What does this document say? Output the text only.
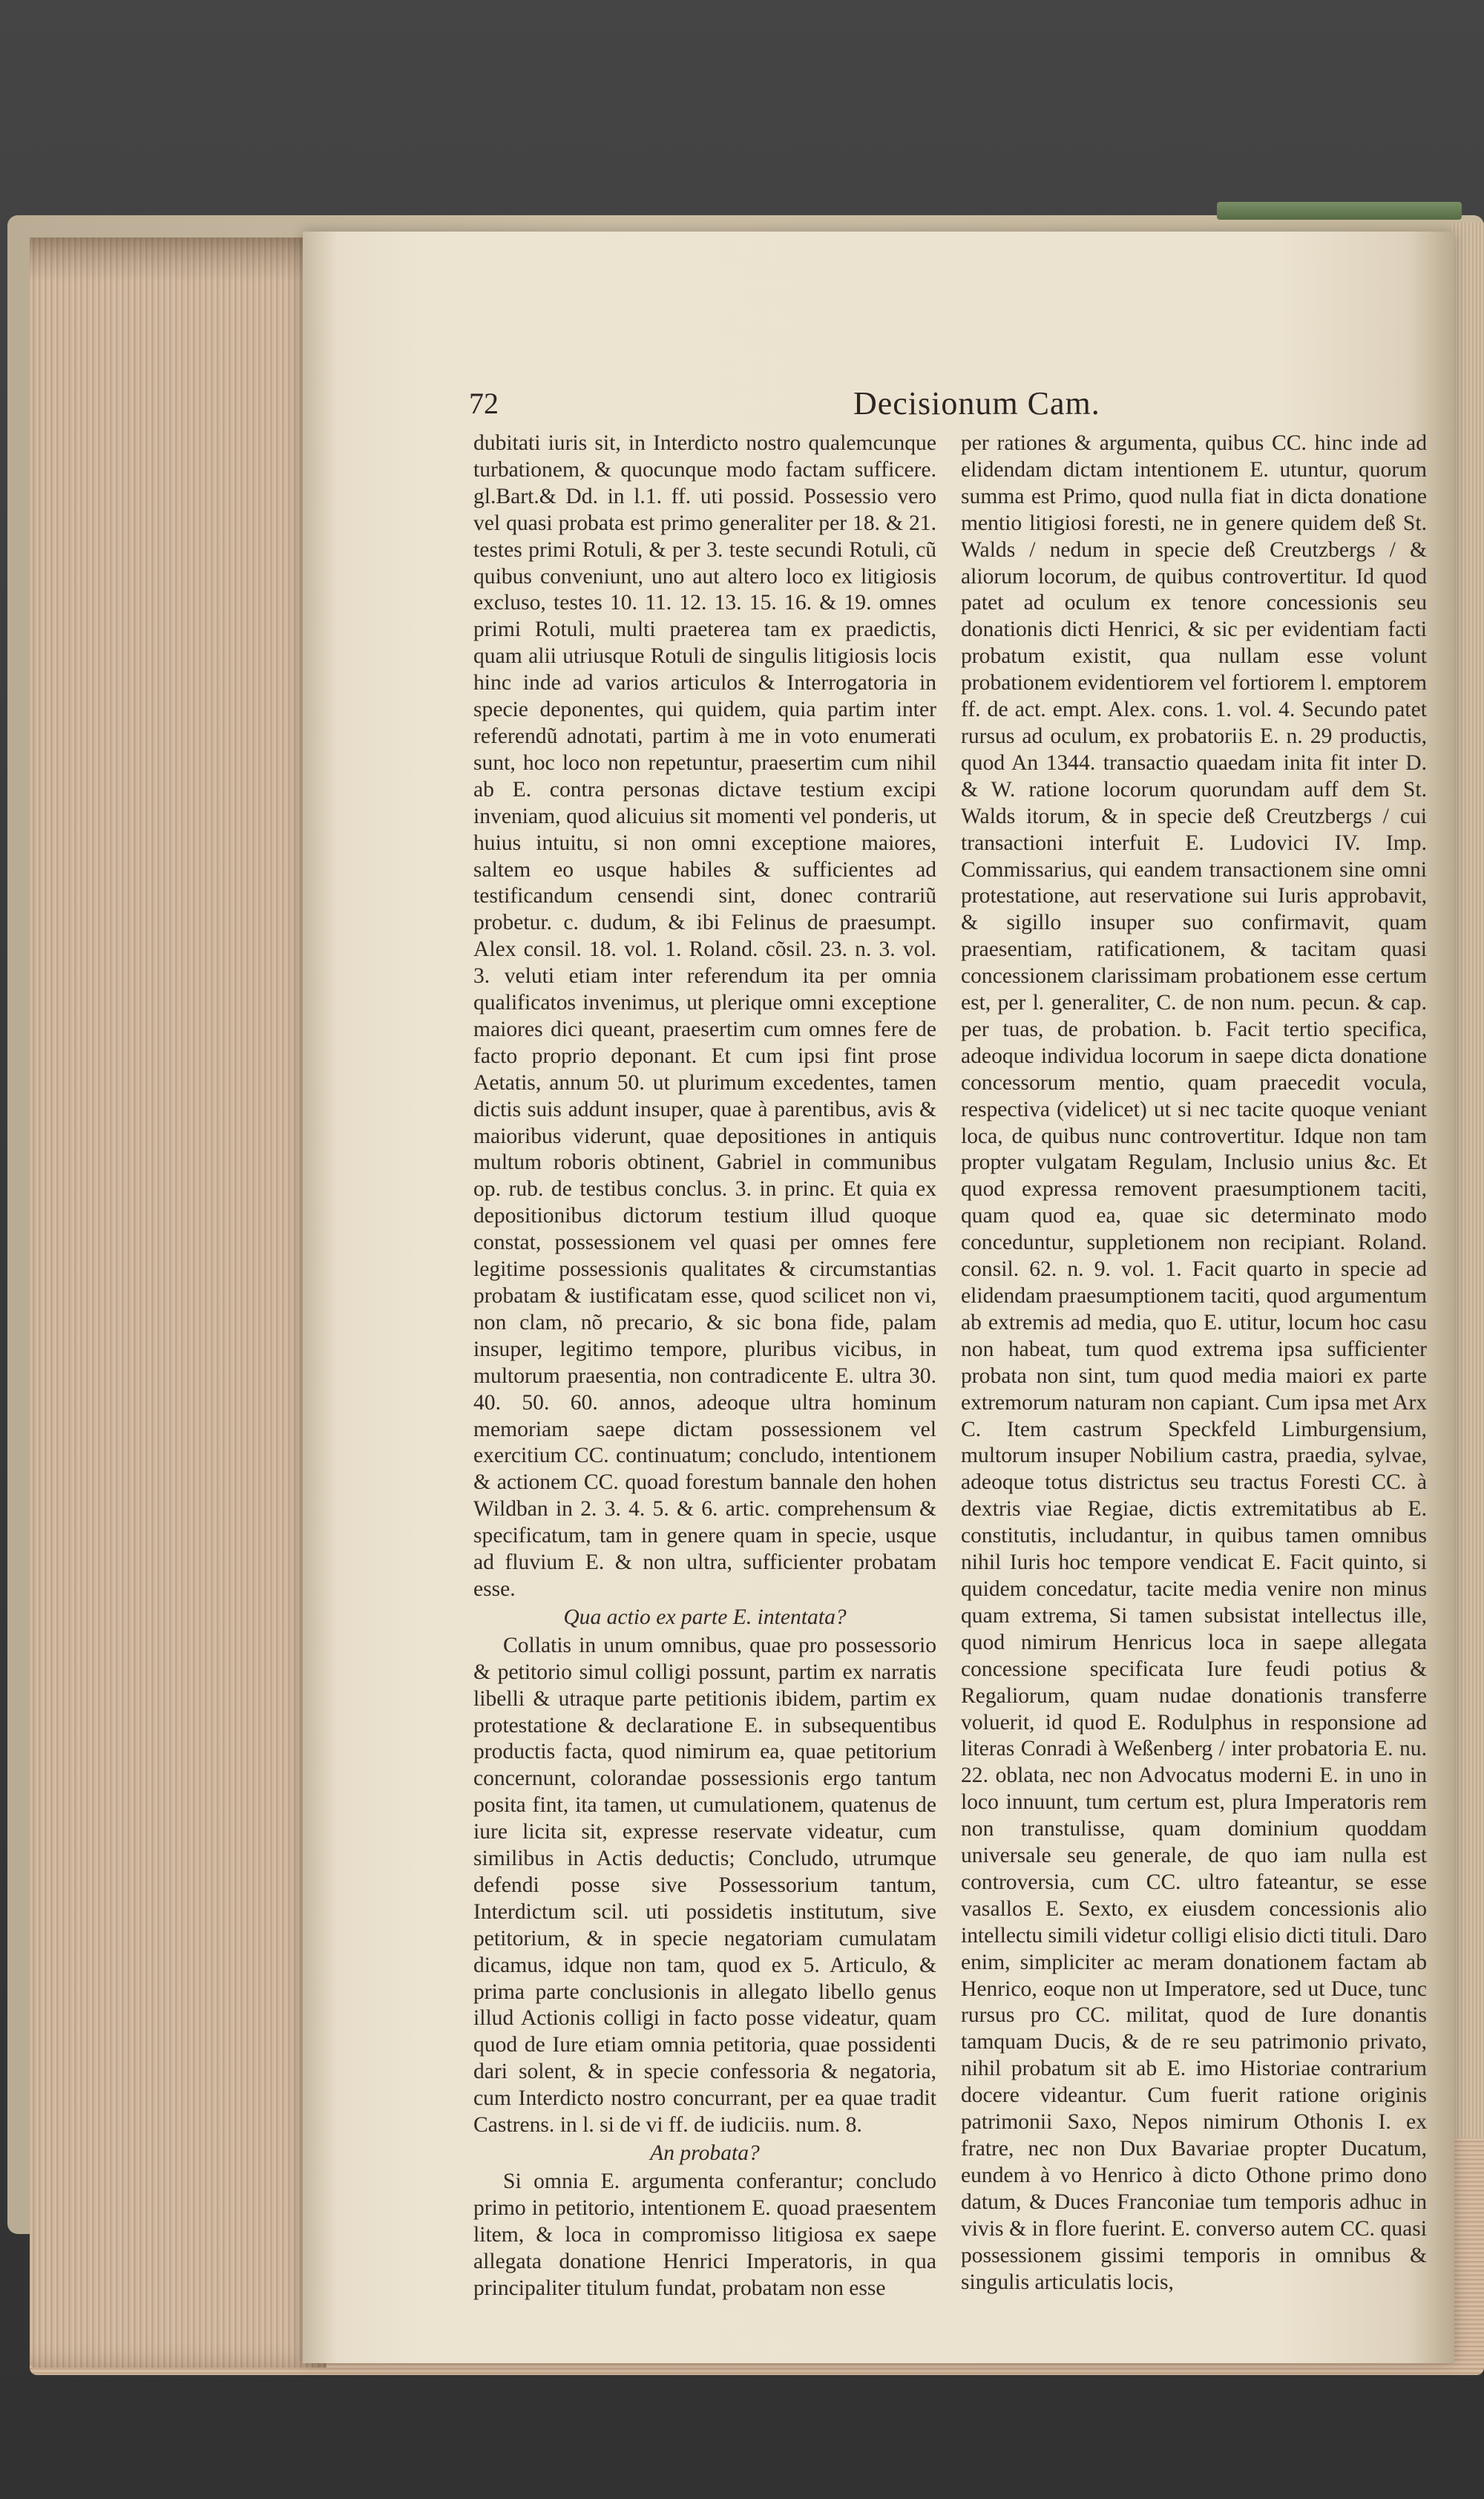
72	Decisionum Cam.

dubitati iuris sit, in Interdicto nostro qualemcunque turbationem, & quocunque modo factam sufficere. gl.Bart.& Dd. in l.1. ff. uti possid. Possessio vero vel quasi probata est primo generaliter per 18. & 21. testes primi Rotuli, & per 3. teste secundi Rotuli, cũ quibus conveniunt, uno aut altero loco ex litigiosis excluso, testes 10. 11. 12. 13. 15. 16. & 19. omnes primi Rotuli, multi praeterea tam ex praedictis, quam alii utriusque Rotuli de singulis litigiosis locis hinc inde ad varios articulos & Interrogatoria in specie deponentes, qui quidem, quia partim inter referendũ adnotati, partim à me in voto enumerati sunt, hoc loco non repetuntur, praesertim cum nihil ab E. contra personas dictave testium excipi inveniam, quod alicuius sit momenti vel ponderis, ut huius intuitu, si non omni exceptione maiores, saltem eo usque habiles & sufficientes ad testificandum censendi sint, donec contrariũ probetur. c. dudum, & ibi Felinus de praesumpt. Alex consil. 18. vol. 1. Roland. cõsil. 23. n. 3. vol. 3. veluti etiam inter referendum ita per omnia qualificatos invenimus, ut plerique omni exceptione maiores dici queant, praesertim cum omnes fere de facto proprio deponant. Et cum ipsi fint prose Aetatis, annum 50. ut plurimum excedentes, tamen dictis suis addunt insuper, quae à parentibus, avis & maioribus viderunt, quae depositiones in antiquis multum roboris obtinent, Gabriel in communibus op. rub. de testibus conclus. 3. in princ. Et quia ex depositionibus dictorum testium illud quoque constat, possessionem vel quasi per omnes fere legitime possessionis qualitates & circumstantias probatam & iustificatam esse, quod scilicet non vi, non clam, nõ precario, & sic bona fide, palam insuper, legitimo tempore, pluribus vicibus, in multorum praesentia, non contradicente E. ultra 30. 40. 50. 60. annos, adeoque ultra hominum memoriam saepe dictam possessionem vel exercitium CC. continuatum; concludo, intentionem & actionem CC. quoad forestum bannale den hohen Wildban in 2. 3. 4. 5. & 6. artic. comprehensum & specificatum, tam in genere quam in specie, usque ad fluvium E. & non ultra, sufficienter probatam esse.

Qua actio ex parte E. intentata?

Collatis in unum omnibus, quae pro possessorio & petitorio simul colligi possunt, partim ex narratis libelli & utraque parte petitionis ibidem, partim ex protestatione & declaratione E. in subsequentibus productis facta, quod nimirum ea, quae petitorium concernunt, colorandae possessionis ergo tantum posita fint, ita tamen, ut cumulationem, quatenus de iure licita sit, expresse reservate videatur, cum similibus in Actis deductis; Concludo, utrumque defendi posse sive Possessorium tantum, Interdictum scil. uti possidetis institutum, sive petitorium, & in specie negatoriam cumulatam dicamus, idque non tam, quod ex 5. Articulo, & prima parte conclusionis in allegato libello genus illud Actionis colligi in facto posse videatur, quam quod de Iure etiam omnia petitoria, quae possidenti dari solent, & in specie confessoria & negatoria, cum Interdicto nostro concurrant, per ea quae tradit Castrens. in l. si de vi ff. de iudiciis. num. 8.

An probata?

Si omnia E. argumenta conferantur; concludo primo in petitorio, intentionem E. quoad praesentem litem, & loca in compromisso litigiosa ex saepe allegata donatione Henrici Imperatoris, in qua principaliter titulum fundat, probatam non esse

per rationes & argumenta, quibus CC. hinc inde ad elidendam dictam intentionem E. utuntur, quorum summa est Primo, quod nulla fiat in dicta donatione mentio litigiosi foresti, ne in genere quidem deß St. Walds / nedum in specie deß Creutzbergs / & aliorum locorum, de quibus controvertitur. Id quod patet ad oculum ex tenore concessionis seu donationis dicti Henrici, & sic per evidentiam facti probatum existit, qua nullam esse volunt probationem evidentiorem vel fortiorem l. emptorem ff. de act. empt. Alex. cons. 1. vol. 4. Secundo patet rursus ad oculum, ex probatoriis E. n. 29 productis, quod An 1344. transactio quaedam inita fit inter D. & W. ratione locorum quorundam auff dem St. Walds itorum, & in specie deß Creutzbergs / cui transactioni interfuit E. Ludovici IV. Imp. Commissarius, qui eandem transactionem sine omni protestatione, aut reservatione sui Iuris approbavit, & sigillo insuper suo confirmavit, quam praesentiam, ratificationem, & tacitam quasi concessionem clarissimam probationem esse certum est, per l. generaliter, C. de non num. pecun. & cap. per tuas, de probation. b. Facit tertio specifica, adeoque individua locorum in saepe dicta donatione concessorum mentio, quam praecedit vocula, respectiva (videlicet) ut si nec tacite quoque veniant loca, de quibus nunc controvertitur. Idque non tam propter vulgatam Regulam, Inclusio unius &c. Et quod expressa removent praesumptionem taciti, quam quod ea, quae sic determinato modo conceduntur, suppletionem non recipiant. Roland. consil. 62. n. 9. vol. 1. Facit quarto in specie ad elidendam praesumptionem taciti, quod argumentum ab extremis ad media, quo E. utitur, locum hoc casu non habeat, tum quod extrema ipsa sufficienter probata non sint, tum quod media maiori ex parte extremorum naturam non capiant. Cum ipsa met Arx C. Item castrum Speckfeld Limburgensium, multorum insuper Nobilium castra, praedia, sylvae, adeoque totus districtus seu tractus Foresti CC. à dextris viae Regiae, dictis extremitatibus ab E. constitutis, includantur, in quibus tamen omnibus nihil Iuris hoc tempore vendicat E. Facit quinto, si quidem concedatur, tacite media venire non minus quam extrema, Si tamen subsistat intellectus ille, quod nimirum Henricus loca in saepe allegata concessione specificata Iure feudi potius & Regaliorum, quam nudae donationis transferre voluerit, id quod E. Rodulphus in responsione ad literas Conradi à Weßenberg / inter probatoria E. nu. 22. oblata, nec non Advocatus moderni E. in uno in loco innuunt, tum certum est, plura Imperatoris rem non transtulisse, quam dominium quoddam universale seu generale, de quo iam nulla est controversia, cum CC. ultro fateantur, se esse vasallos E. Sexto, ex eiusdem concessionis alio intellectu simili videtur colligi elisio dicti tituli. Daro enim, simpliciter ac meram donationem factam ab Henrico, eoque non ut Imperatore, sed ut Duce, tunc rursus pro CC. militat, quod de Iure donantis tamquam Ducis, & de re seu patrimonio privato, nihil probatum sit ab E. imo Historiae contrarium docere videantur. Cum fuerit ratione originis patrimonii Saxo, Nepos nimirum Othonis I. ex fratre, nec non Dux Bavariae propter Ducatum, eundem à vo Henrico à dicto Othone primo dono datum, & Duces Franconiae tum temporis adhuc in vivis & in flore fuerint. E. converso autem CC. quasi possessionem gissimi temporis in omnibus & singulis articulatis locis,
